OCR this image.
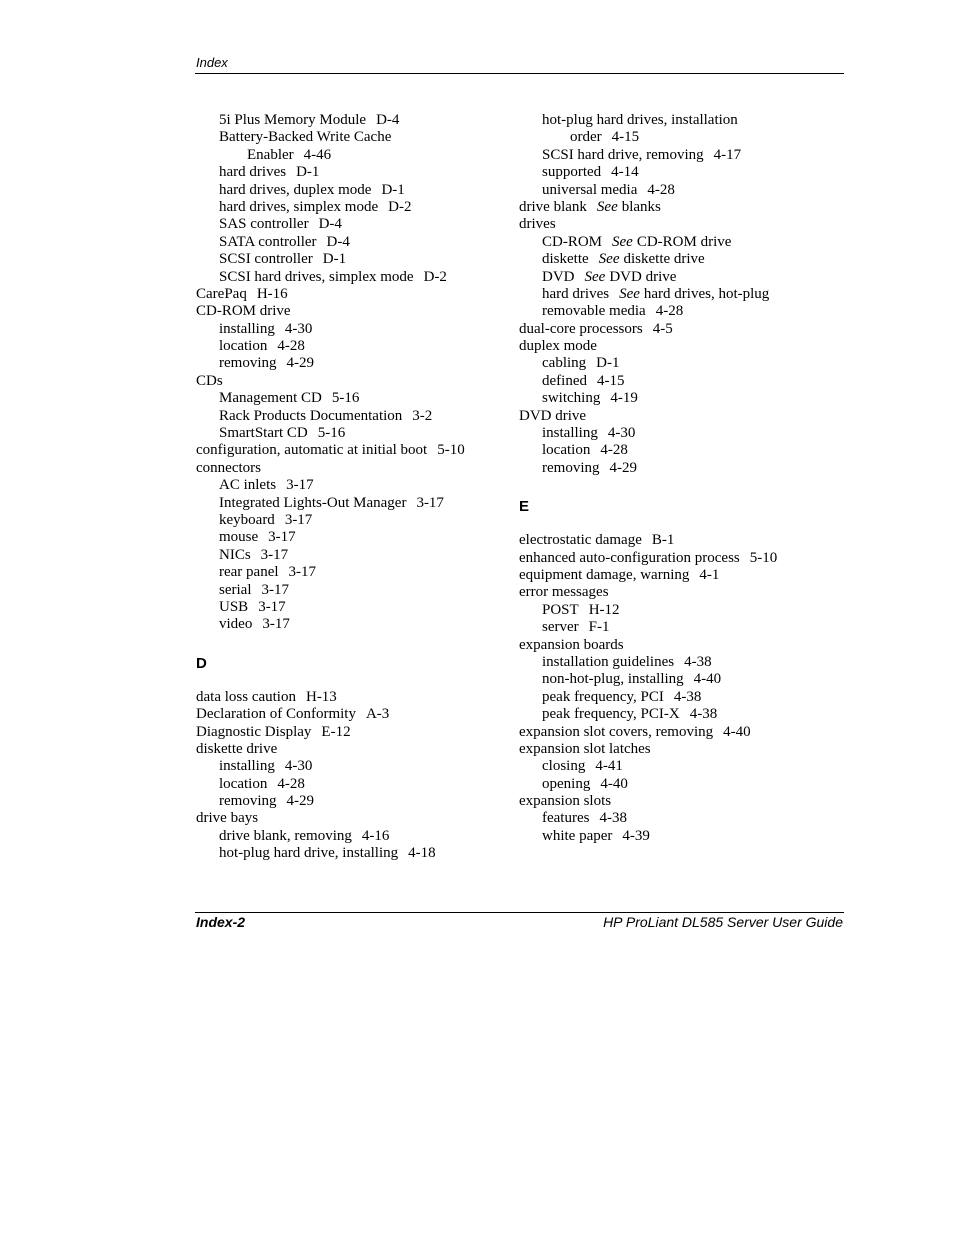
Index
5i Plus Memory Module D-4
Battery-Backed Write Cache
Enabler 4-46
hard drives D-1
hard drives, duplex mode D-1
hard drives, simplex mode D-2
SAS controller D-4
SATA controller D-4
SCSI controller D-1
SCSI hard drives, simplex mode D-2
CarePaq H-16
CD-ROM drive
installing 4-30
location 4-28
removing 4-29
CDs
Management CD 5-16
Rack Products Documentation 3-2
SmartStart CD 5-16
configuration, automatic at initial boot 5-10
connectors
AC inlets 3-17
Integrated Lights-Out Manager 3-17
keyboard 3-17
mouse 3-17
NICs 3-17
rear panel 3-17
serial 3-17
USB 3-17
video 3-17
D
data loss caution H-13
Declaration of Conformity A-3
Diagnostic Display E-12
diskette drive
installing 4-30
location 4-28
removing 4-29
drive bays
drive blank, removing 4-16
hot-plug hard drive, installing 4-18
hot-plug hard drives, installation
order 4-15
SCSI hard drive, removing 4-17
supported 4-14
universal media 4-28
drive blank See blanks
drives
CD-ROM See CD-ROM drive
diskette See diskette drive
DVD See DVD drive
hard drives See hard drives, hot-plug
removable media 4-28
dual-core processors 4-5
duplex mode
cabling D-1
defined 4-15
switching 4-19
DVD drive
installing 4-30
location 4-28
removing 4-29
E
electrostatic damage B-1
enhanced auto-configuration process 5-10
equipment damage, warning 4-1
error messages
POST H-12
server F-1
expansion boards
installation guidelines 4-38
non-hot-plug, installing 4-40
peak frequency, PCI 4-38
peak frequency, PCI-X 4-38
expansion slot covers, removing 4-40
expansion slot latches
closing 4-41
opening 4-40
expansion slots
features 4-38
white paper 4-39
Index-2	HP ProLiant DL585 Server User Guide
